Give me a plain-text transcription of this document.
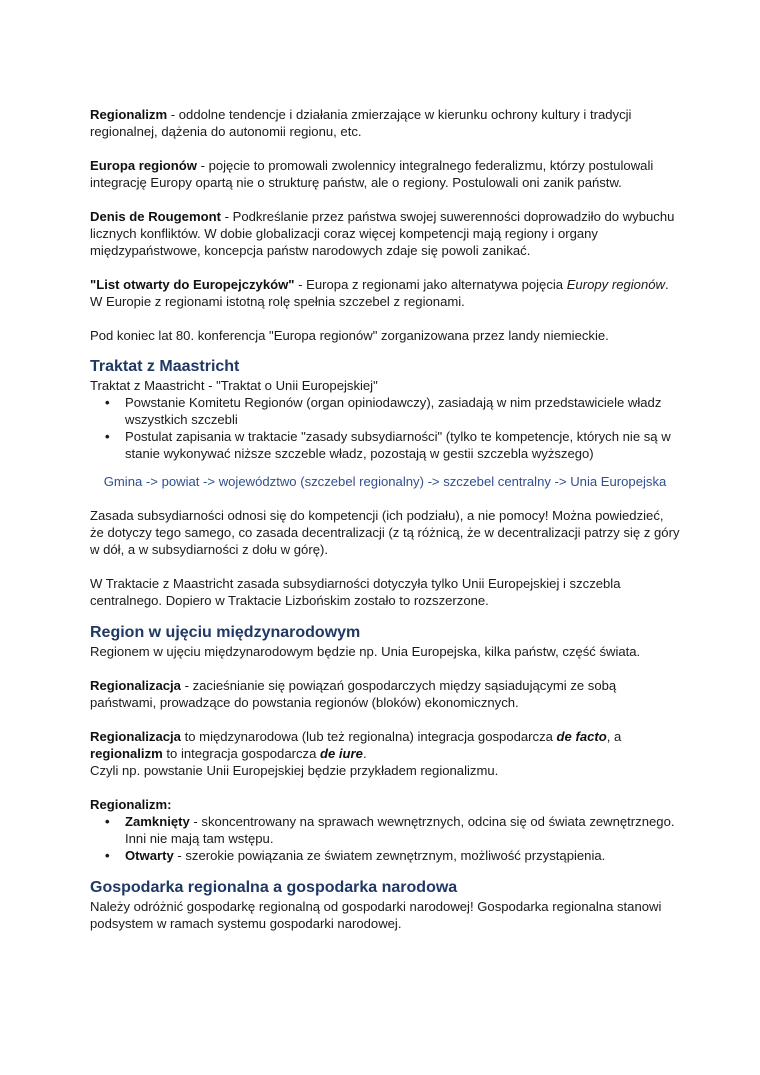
Regionalizm - oddolne tendencje i działania zmierzające w kierunku ochrony kultury i tradycji regionalnej, dążenia do autonomii regionu, etc.

Europa regionów - pojęcie to promowali zwolennicy integralnego federalizmu, którzy postulowali integrację Europy opartą nie o strukturę państw, ale o regiony. Postulowali oni zanik państw.

Denis de Rougemont - Podkreślanie przez państwa swojej suwerenności doprowadziło do wybuchu licznych konfliktów. W dobie globalizacji coraz więcej kompetencji mają regiony i organy międzypaństwowe, koncepcja państw narodowych zdaje się powoli zanikać.

"List otwarty do Europejczyków" - Europa z regionami jako alternatywa pojęcia Europy regionów. W Europie z regionami istotną rolę spełnia szczebel z regionami.

Pod koniec lat 80. konferencja "Europa regionów" zorganizowana przez landy niemieckie.

Traktat z Maastricht

Traktat z Maastricht - "Traktat o Unii Europejskiej"

• Powstanie Komitetu Regionów (organ opiniodawczy), zasiadają w nim przedstawiciele władz wszystkich szczebli
• Postulat zapisania w traktacie "zasady subsydiarności" (tylko te kompetencje, których nie są w stanie wykonywać niższe szczeble władz, pozostają w gestii szczebla wyższego)

Gmina -> powiat -> województwo (szczebel regionalny) -> szczebel centralny -> Unia Europejska

Zasada subsydiarności odnosi się do kompetencji (ich podziału), a nie pomocy! Można powiedzieć, że dotyczy tego samego, co zasada decentralizacji (z tą różnicą, że w decentralizacji patrzy się z góry w dół, a w subsydiarności z dołu w górę).

W Traktacie z Maastricht zasada subsydiarności dotyczyła tylko Unii Europejskiej i szczebla centralnego. Dopiero w Traktacie Lizbońskim zostało to rozszerzone.

Region w ujęciu międzynarodowym

Regionem w ujęciu międzynarodowym będzie np. Unia Europejska, kilka państw, część świata.

Regionalizacja - zacieśnianie się powiązań gospodarczych między sąsiadującymi ze sobą państwami, prowadzące do powstania regionów (bloków) ekonomicznych.

Regionalizacja to międzynarodowa (lub też regionalna) integracja gospodarcza de facto, a regionalizm to integracja gospodarcza de iure.

Czyli np. powstanie Unii Europejskiej będzie przykładem regionalizmu.

Regionalizm:

• Zamknięty - skoncentrowany na sprawach wewnętrznych, odcina się od świata zewnętrznego. Inni nie mają tam wstępu.
• Otwarty - szerokie powiązania ze światem zewnętrznym, możliwość przystąpienia.

Gospodarka regionalna a gospodarka narodowa

Należy odróżnić gospodarkę regionalną od gospodarki narodowej! Gospodarka regionalna stanowi podsystem w ramach systemu gospodarki narodowej.
